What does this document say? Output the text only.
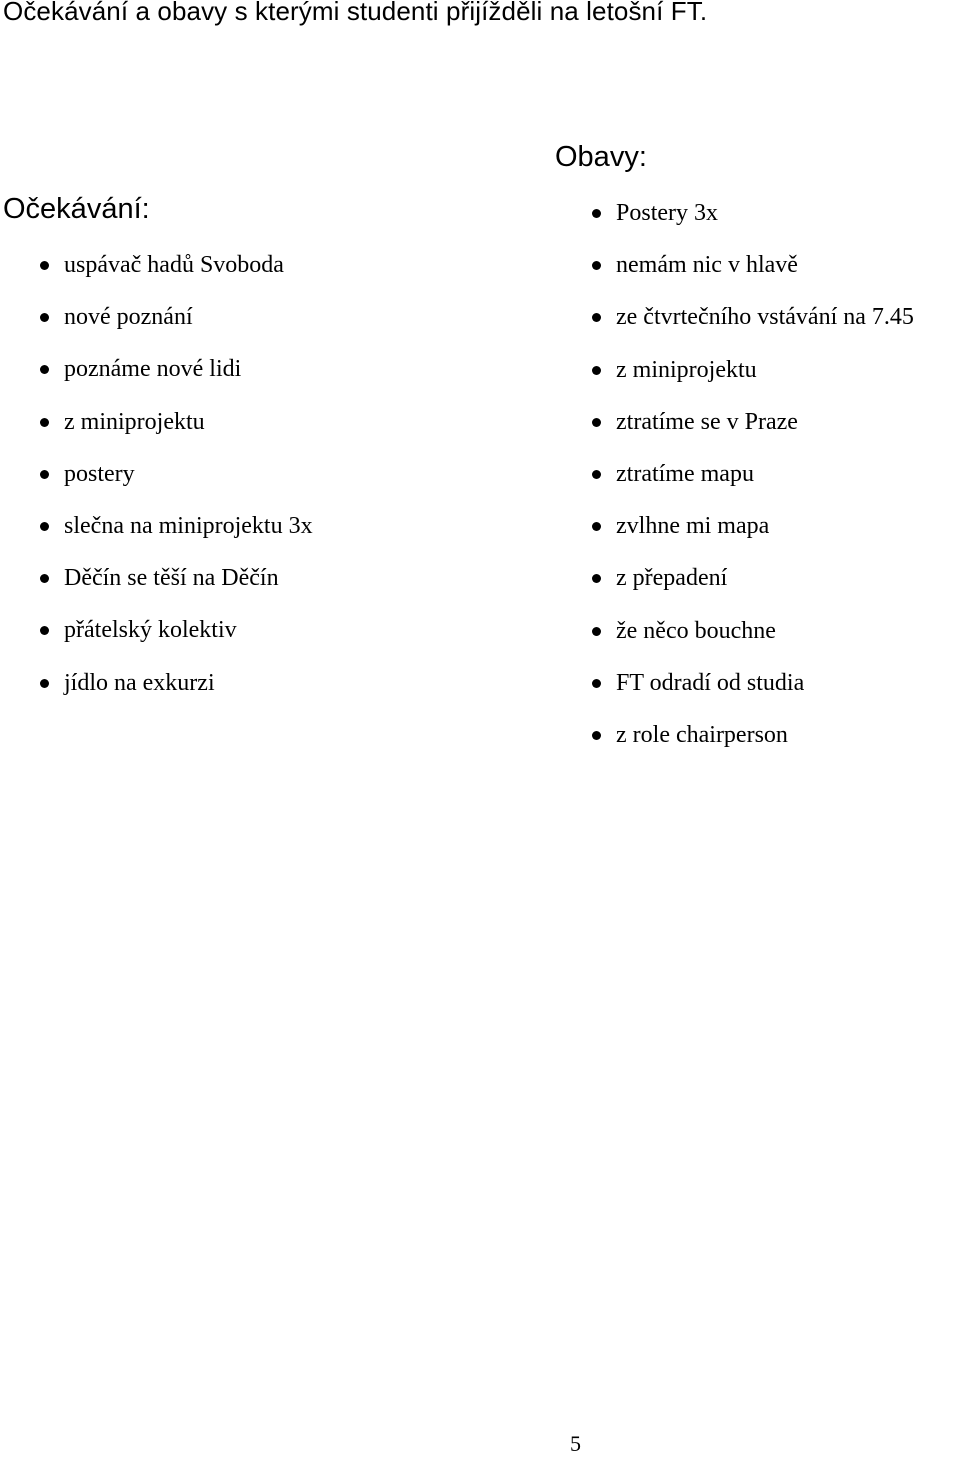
Očekávání a obavy s kterými studenti přijížděli na letošní FT.
Očekávání:
uspávač hadů Svoboda
nové poznání
poznáme nové lidi
z miniprojektu
postery
slečna na miniprojektu 3x
Děčín se těší na Děčín
přátelský kolektiv
jídlo na exkurzi
Obavy:
Postery 3x
nemám nic v hlavě
ze čtvrtečního vstávání na 7.45
z miniprojektu
ztratíme se v Praze
ztratíme mapu
zvlhne mi mapa
z přepadení
že něco bouchne
FT odradí od studia
z role chairperson
5
